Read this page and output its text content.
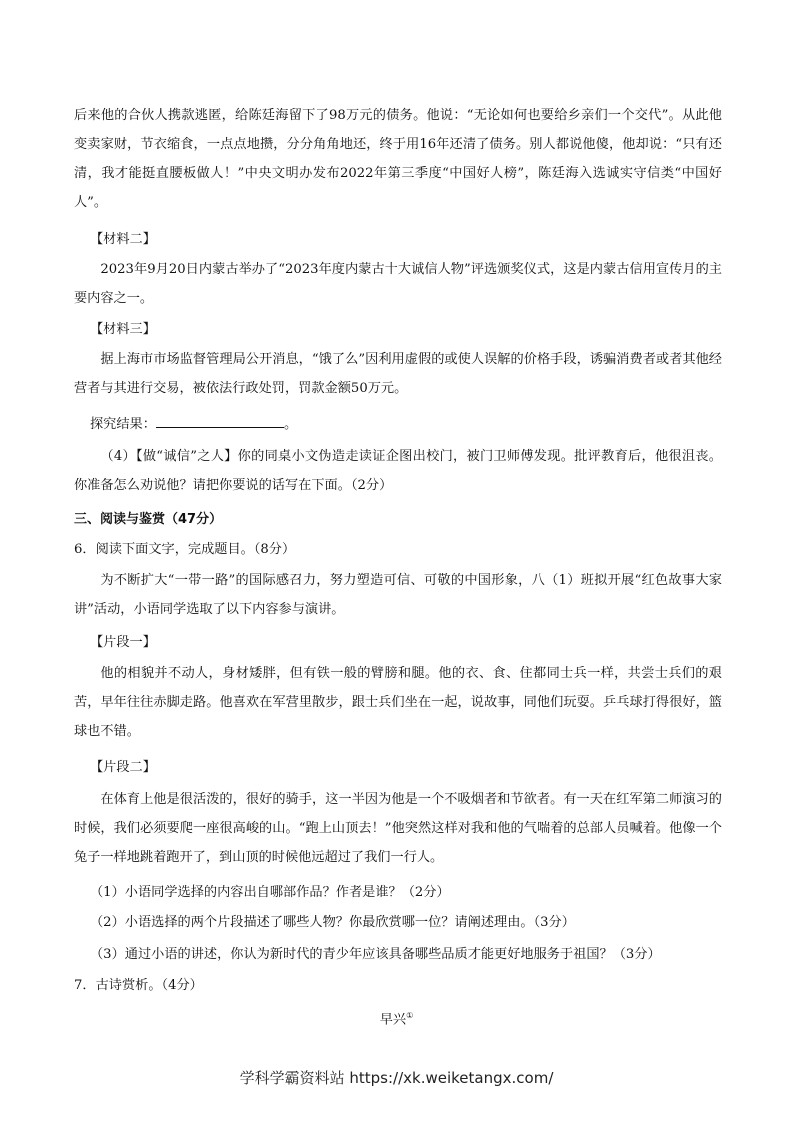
后来他的合伙人携款逃匿，给陈廷海留下了98万元的债务。他说：“无论如何也要给乡亲们一个交代”。从此他变卖家财，节衣缩食，一点点地攒，分分角角地还，终于用16年还清了债务。别人都说他傻，他却说：“只有还清，我才能挺直腰板做人！”中央文明办发布2022年第三季度“中国好人榜”，陈廷海入选诚实守信类“中国好人”。

【材料二】

2023年9月20日内蒙古举办了“2023年度内蒙古十大诚信人物”评选颁奖仪式，这是内蒙古信用宣传月的主要内容之一。

【材料三】

据上海市市场监督管理局公开消息，“饿了么”因利用虚假的或使人误解的价格手段，诱骗消费者或者其他经营者与其进行交易，被依法行政处罚，罚款金额50万元。

探究结果：	。

（4）【做“诚信”之人】你的同桌小文伪造走读证企图出校门，被门卫师傅发现。批评教育后，他很沮丧。你准备怎么劝说他？请把你要说的话写在下面。（2分）

三、阅读与鉴赏（47分）

6．阅读下面文字，完成题目。（8分）

为不断扩大“一带一路”的国际感召力，努力塑造可信、可敬的中国形象，八（1）班拟开展“红色故事大家讲”活动，小语同学选取了以下内容参与演讲。

【片段一】

他的相貌并不动人，身材矮胖，但有铁一般的臂膀和腿。他的衣、食、住都同士兵一样，共尝士兵们的艰苦，早年往往赤脚走路。他喜欢在军营里散步，跟士兵们坐在一起，说故事，同他们玩耍。乒乓球打得很好，篮球也不错。

【片段二】

在体育上他是很活泼的，很好的骑手，这一半因为他是一个不吸烟者和节欲者。有一天在红军第二师演习的时候，我们必须要爬一座很高峻的山。“跑上山顶去！”他突然这样对我和他的气喘着的总部人员喊着。他像一个兔子一样地跳着跑开了，到山顶的时候他远超过了我们一行人。

（1）小语同学选择的内容出自哪部作品？作者是谁？（2分）

（2）小语选择的两个片段描述了哪些人物？你最欣赏哪一位？请阐述理由。（3分）

（3）通过小语的讲述，你认为新时代的青少年应该具备哪些品质才能更好地服务于祖国？（3分）

7．古诗赏析。（4分）

早兴①
学科学霸资料站 https://xk.weiketangx.com/
